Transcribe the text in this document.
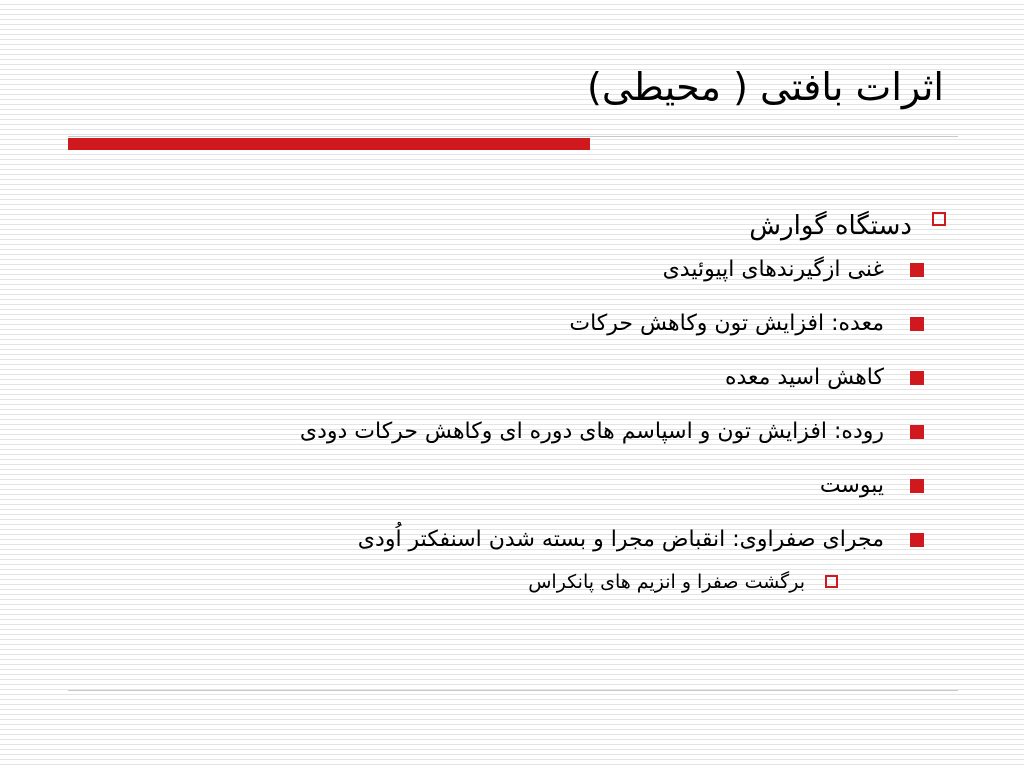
اثرات بافتی ( محیطی)
دستگاه گوارش
غنی ازگیرندهای اپیوئیدی
معده: افزایش تون وکاهش حرکات
کاهش اسید معده
روده: افزایش تون و اسپاسم های دوره ای وکاهش حرکات دودی
یبوست
مجرای صفراوی: انقباض مجرا و بسته شدن اسنفکتر اُودی
برگشت صفرا و انزیم های پانکراس
